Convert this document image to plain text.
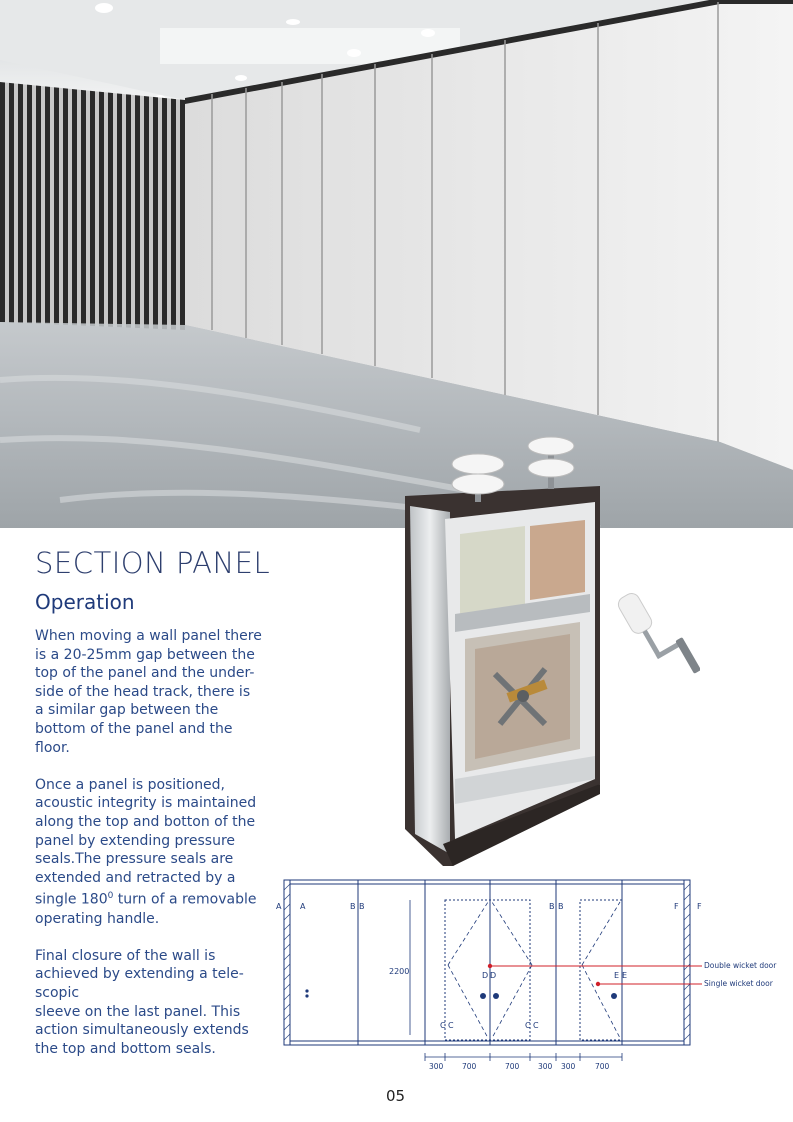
SECTION PANEL
Operation

When moving a wall panel there
is a 20-25mm gap between the
top of the panel and the under-
side of the head track, there is
a similar gap between the
bottom of the panel and the
floor.

Once a panel is positioned,
acoustic integrity is maintained
along the top and botton of the
panel by extending pressure
seals.The pressure seals are
extended and retracted by a
single $180^0$ turn of a removable
operating handle.

Final closure of the wall is
achieved by extending a tele-
scopic
sleeve on the last panel. This
action simultaneously extends
the top and bottom seals.

2200
Double wicket door
Single wicket door
A A	B B	B B	F F
D D	E E
C C	C C
300 700	700 300 300	700
05
